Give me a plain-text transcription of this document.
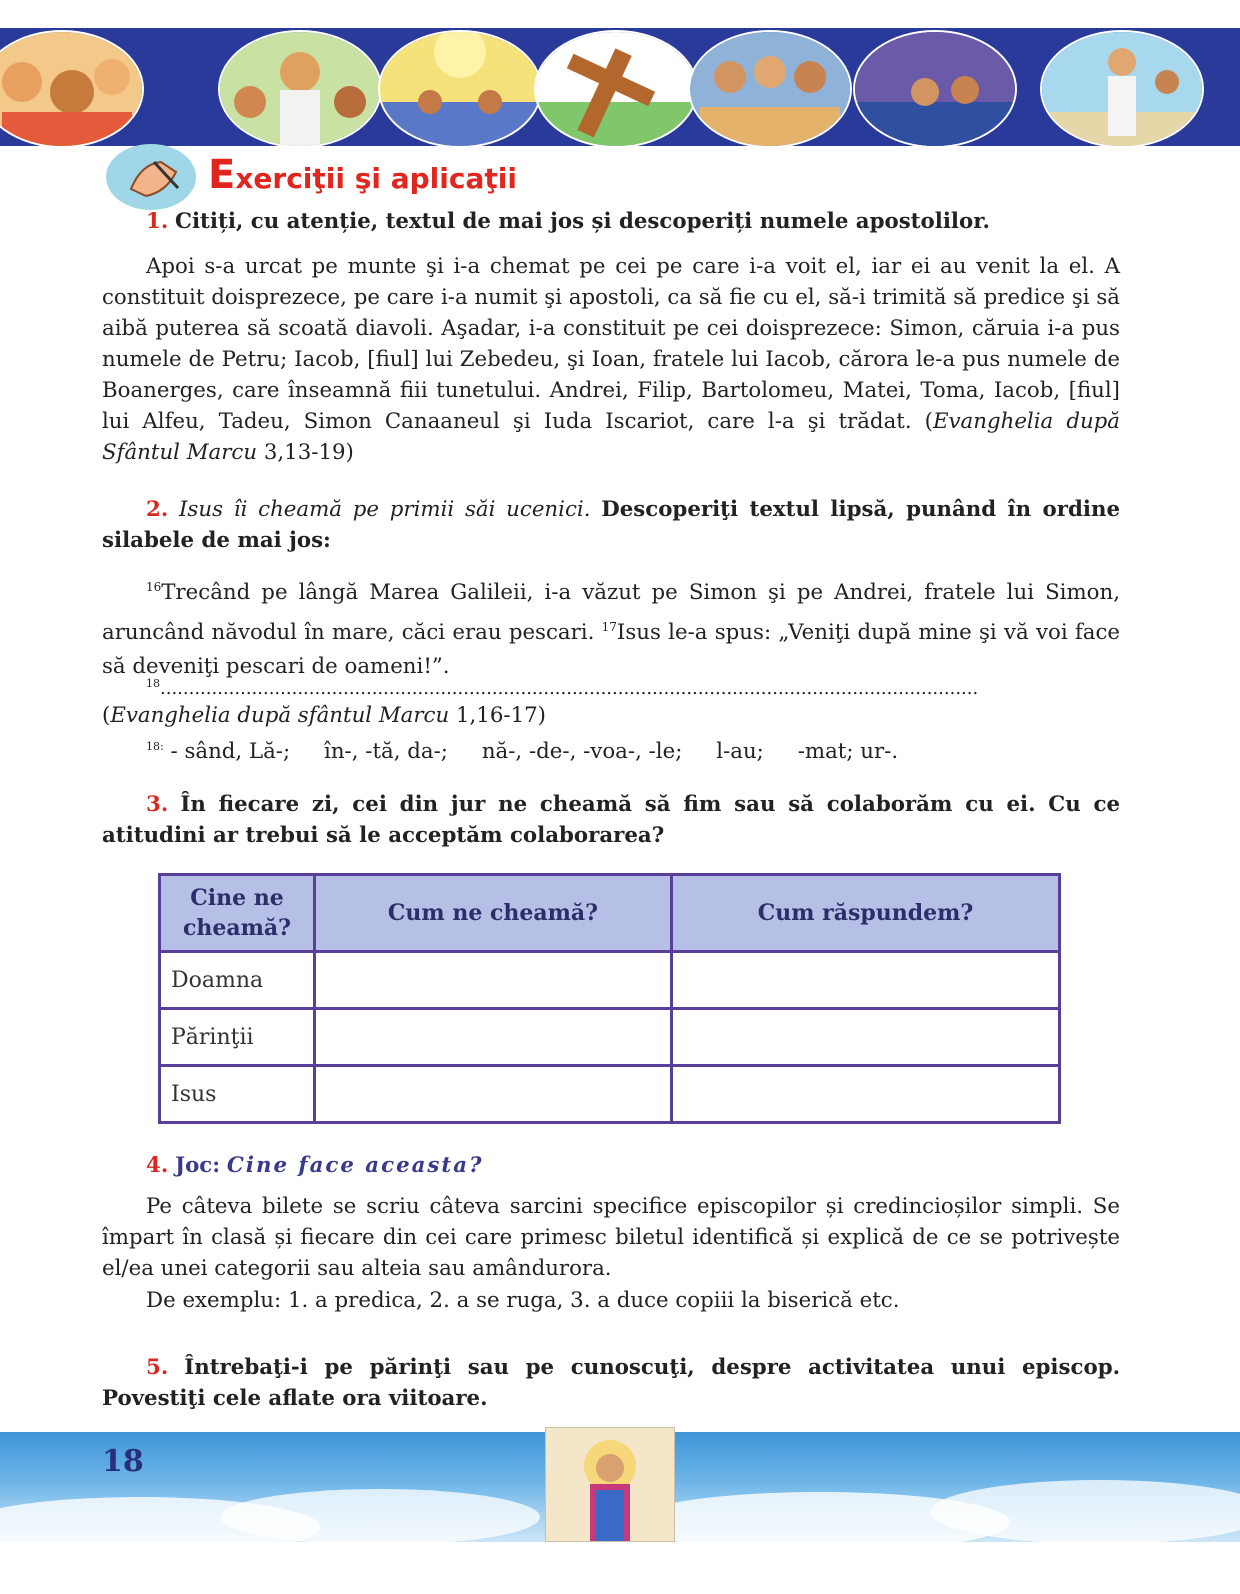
Exerciţii şi aplicaţii
1. Citiți, cu atenție, textul de mai jos și descoperiți numele apostolilor.
Apoi s-a urcat pe munte şi i-a chemat pe cei pe care i-a voit el, iar ei au venit la el. A constituit doisprezece, pe care i-a numit şi apostoli, ca să fie cu el, să-i trimită să predice şi să aibă puterea să scoată diavoli. Aşadar, i-a constituit pe cei doisprezece: Simon, căruia i-a pus numele de Petru; Iacob, [fiul] lui Zebedeu, şi Ioan, fratele lui Iacob, cărora le-a pus numele de Boanerges, care înseamnă fiii tunetului. Andrei, Filip, Bartolomeu, Matei, Toma, Iacob, [fiul] lui Alfeu, Tadeu, Simon Canaaneul şi Iuda Iscariot, care l-a şi trădat. (Evanghelia după Sfântul Marcu 3,13-19)
2. Isus îi cheamă pe primii săi ucenici. Descoperiţi textul lipsă, punând în ordine silabele de mai jos:
$^{16}$Trecând pe lângă Marea Galileii, i-a văzut pe Simon şi pe Andrei, fratele lui Simon, aruncând năvodul în mare, căci erau pescari. $^{17}$Isus le-a spus: „Veniţi după mine şi vă voi face să deveniţi pescari de oameni!”.
$^{18}$...............................................................................................................................................
(Evanghelia după sfântul Marcu 1,16-17)
$^{18:}$ - sând, Lă-;     în-, -tă, da-;     nă-, -de-, -voa-, -le;     l-au;     -mat; ur-.
3. În fiecare zi, cei din jur ne cheamă să fim sau să colaborăm cu ei. Cu ce atitudini ar trebui să le acceptăm colaborarea?
Cine ne cheamă?	Cum ne cheamă?	Cum răspundem?
Doamna		
Părinţii		
Isus		
4. Joc: Cine face aceasta?
Pe câteva bilete se scriu câteva sarcini specifice episcopilor și credincioșilor simpli. Se împart în clasă și fiecare din cei care primesc biletul identifică și explică de ce se potrivește el/ea unei categorii sau alteia sau amândurora.
De exemplu: 1. a predica, 2. a se ruga, 3. a duce copiii la biserică etc.
5. Întrebaţi-i pe părinţi sau pe cunoscuţi, despre activitatea unui episcop. Povestiţi cele aflate ora viitoare.
18
